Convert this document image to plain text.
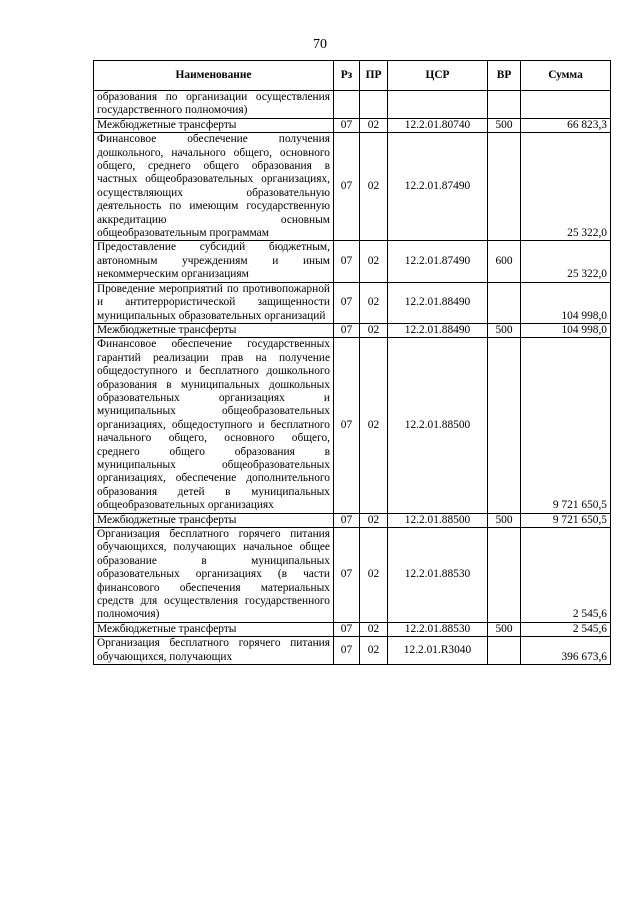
70
Наименование	Рз	ПР	ЦСР	ВР	Сумма
образования по организации осуществления государственного полномочия)					
Межбюджетные трансферты	07	02	12.2.01.80740	500	66 823,3
Финансовое обеспечение получения дошкольного, начального общего, основного общего, среднего общего образования в частных общеобразовательных организациях, осуществляющих образовательную деятельность по имеющим государственную аккредитацию основным общеобразовательным программам	07	02	12.2.01.87490		25 322,0
Предоставление субсидий бюджетным, автономным учреждениям и иным некоммерческим организациям	07	02	12.2.01.87490	600	25 322,0
Проведение мероприятий по противопожарной и антитеррористической защищенности муниципальных образовательных организаций	07	02	12.2.01.88490		104 998,0
Межбюджетные трансферты	07	02	12.2.01.88490	500	104 998,0
Финансовое обеспечение государственных гарантий реализации прав на получение общедоступного и бесплатного дошкольного образования в муниципальных дошкольных образовательных организациях и муниципальных общеобразовательных организациях, общедоступного и бесплатного начального общего, основного общего, среднего общего образования в муниципальных общеобразовательных организациях, обеспечение дополнительного образования детей в муниципальных общеобразовательных организациях	07	02	12.2.01.88500		9 721 650,5
Межбюджетные трансферты	07	02	12.2.01.88500	500	9 721 650,5
Организация бесплатного горячего питания обучающихся, получающих начальное общее образование в муниципальных образовательных организациях (в части финансового обеспечения материальных средств для осуществления государственного полномочия)	07	02	12.2.01.88530		2 545,6
Межбюджетные трансферты	07	02	12.2.01.88530	500	2 545,6
Организация бесплатного горячего питания обучающихся, получающих	07	02	12.2.01.R3040		396 673,6
